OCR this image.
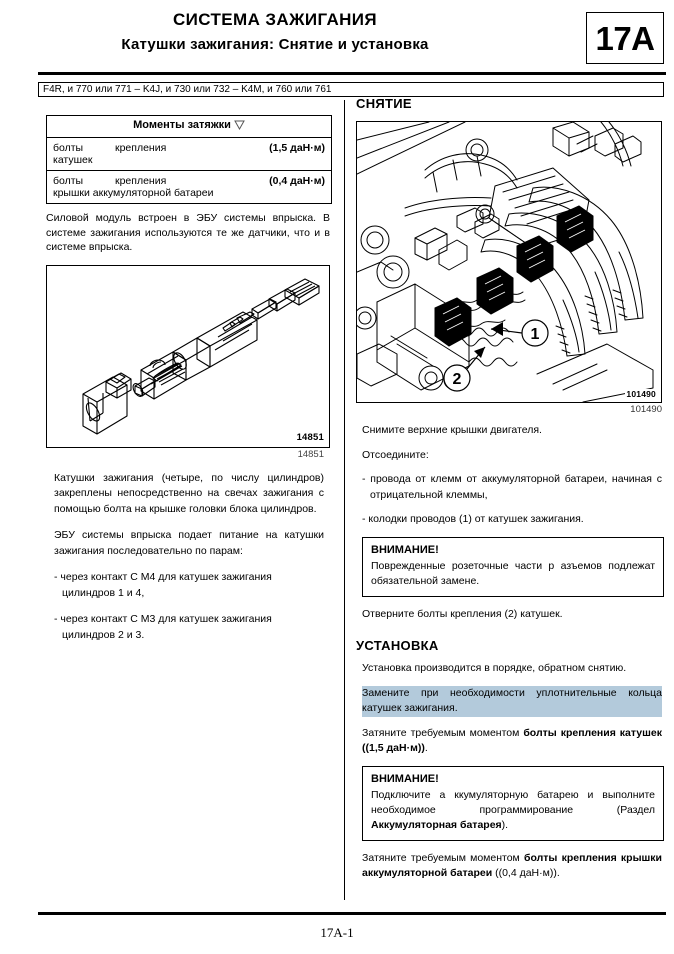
СИСТЕМА ЗАЖИГАНИЯ
Катушки зажигания: Снятие и установка	17A
F4R, и 770 или 771 – K4J, и 730 или 732 – K4M, и 760 или 761
Моменты затяжки

болты	крепления	(1,5 даН·м)
катушек

болты	крепления	(0,4 даН·м)
крышки аккумуляторной батареи
Силовой модуль встроен в ЭБУ системы впрыска. В системе зажигания используются те же датчики, что и в системе впрыска.
14851
14851
Катушки зажигания (четыре, по числу цилиндров) закреплены непосредственно на свечах зажигания с помощью болта на крышке головки блока цилиндров.
ЭБУ системы впрыска подает питание на катушки зажигания последовательно по парам:
- через контакт С М4 для катушек зажигания цилиндров 1 и 4,
- через контакт С М3 для катушек зажигания цилиндров 2 и 3.
СНЯТИЕ
1
2
101490
101490
Снимите верхние крышки двигателя.
Отсоедините:
- провода от клемм от аккумуляторной батареи, начиная с отрицательной клеммы,
- колодки проводов (1) от катушек зажигания.
ВНИМАНИЕ!
Поврежденные розеточные части р азъемов подлежат обязательной замене.
Отверните болты крепления (2) катушек.
УСТАНОВКА
Установка производится в порядке, обратном снятию.
Замените при необходимости уплотнительные кольца катушек зажигания.
Затяните требуемым моментом болты крепления катушек ((1,5 даН·м)).
ВНИМАНИЕ!
Подключите а ккумуляторную батарею и выполните необходимое программирование (Раздел Аккумуляторная батарея).
Затяните требуемым моментом болты крепления крышки аккумуляторной батареи ((0,4 даН·м)).
17A-1
